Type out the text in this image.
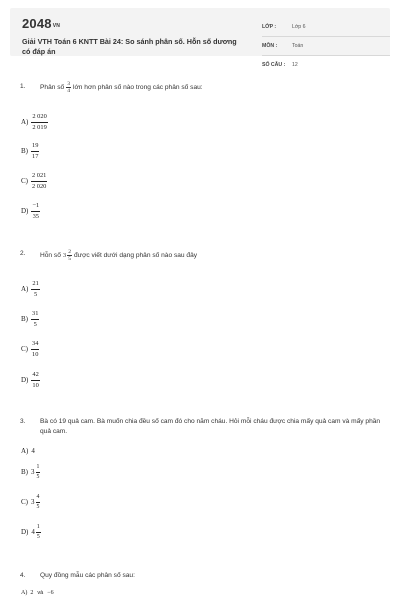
2048VN
Giải VTH Toán 6 KNTT Bài 24: So sánh phân số. Hỗn số dương có đáp án
LỚP :	Lớp 6
MÔN :	Toán
SỐ CÂU : 12
1. Phân số $\frac{3}{4}$ lớn hơn phân số nào trong các phân số sau:
$A) \frac{2 020}{2 019}$
$B) \frac{19}{17}$
$C) \frac{2 021}{2 020}$
$D) \frac{-1}{35}$
2. Hỗn số $3 \frac{2}{5}$ được viết dưới dạng phân số nào sau đây
$A) \frac{21}{5}$
$B) \frac{31}{5}$
$C) \frac{34}{10}$
$D) \frac{42}{10}$
3. Bà có 19 quả cam. Bà muốn chia đều số cam đó cho năm cháu. Hỏi mỗi cháu được chia mấy quả cam và mấy phần quả cam.
A) 4
B) $3 \frac{1}{5}$
C) $3 \frac{4}{5}$
D) $4 \frac{1}{5}$
4. Quy đồng mẫu các phân số sau:
A) 2 và −6
